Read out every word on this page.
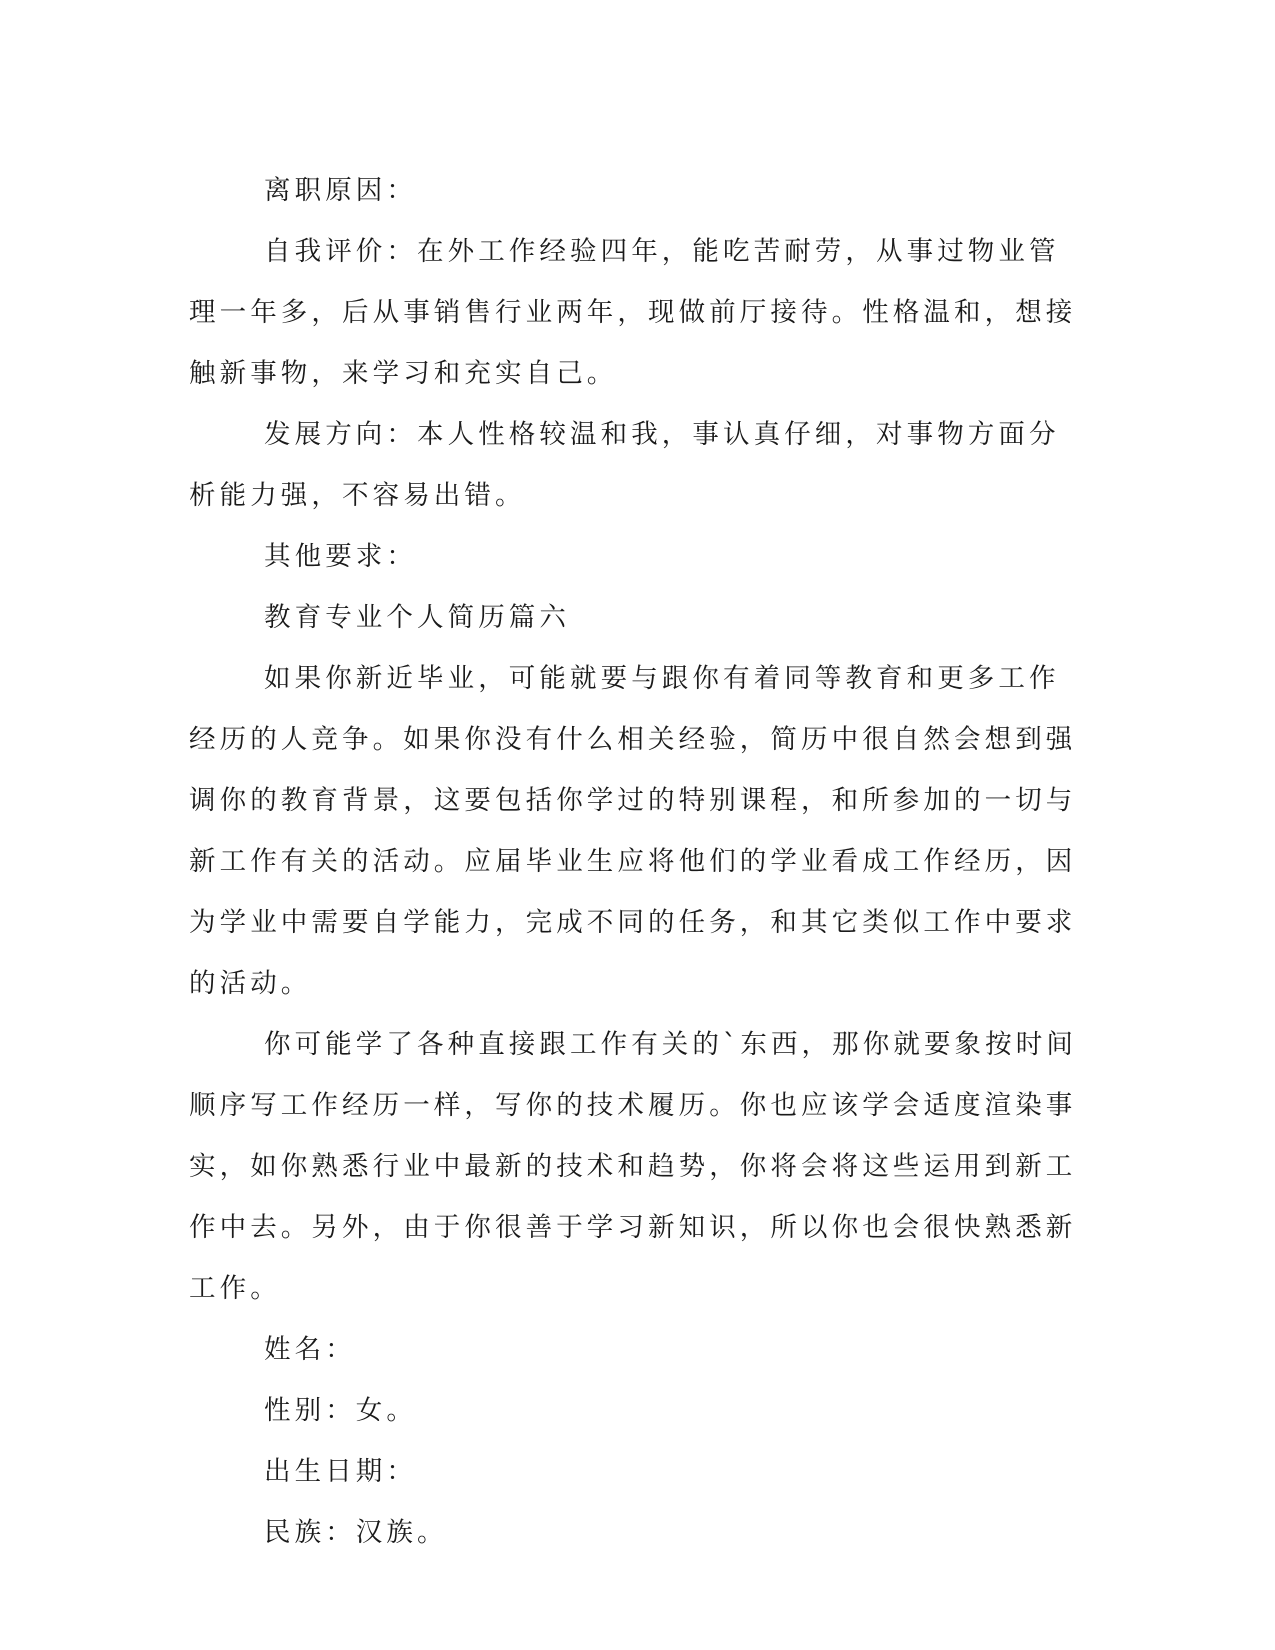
离职原因：

自我评价：在外工作经验四年，能吃苦耐劳，从事过物业管理一年多，后从事销售行业两年，现做前厅接待。性格温和，想接触新事物，来学习和充实自己。

发展方向：本人性格较温和我，事认真仔细，对事物方面分析能力强，不容易出错。

其他要求：

教育专业个人简历篇六

如果你新近毕业，可能就要与跟你有着同等教育和更多工作经历的人竞争。如果你没有什么相关经验，简历中很自然会想到强调你的教育背景，这要包括你学过的特别课程，和所参加的一切与新工作有关的活动。应届毕业生应将他们的学业看成工作经历，因为学业中需要自学能力，完成不同的任务，和其它类似工作中要求的活动。

你可能学了各种直接跟工作有关的`东西，那你就要象按时间顺序写工作经历一样，写你的技术履历。你也应该学会适度渲染事实，如你熟悉行业中最新的技术和趋势，你将会将这些运用到新工作中去。另外，由于你很善于学习新知识，所以你也会很快熟悉新工作。

姓名：

性别：女。

出生日期：

民族：汉族。
